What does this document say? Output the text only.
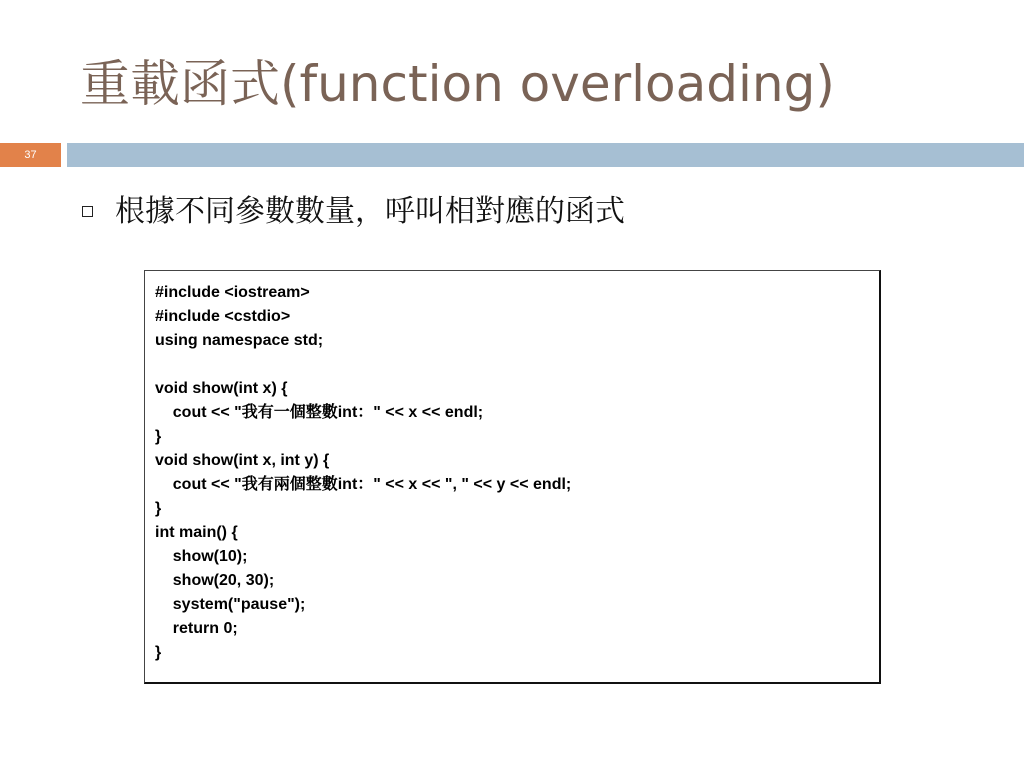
重載函式(function overloading)
37
根據不同參數數量，呼叫相對應的函式
#include <iostream>
#include <cstdio>
using namespace std;
void show(int x) {
cout << "我有一個整數int：" << x << endl;
}
void show(int x, int y) {
cout << "我有兩個整數int：" << x << ", " << y << endl;
}
int main() {
show(10);
show(20, 30);
system("pause");
return 0;
}
